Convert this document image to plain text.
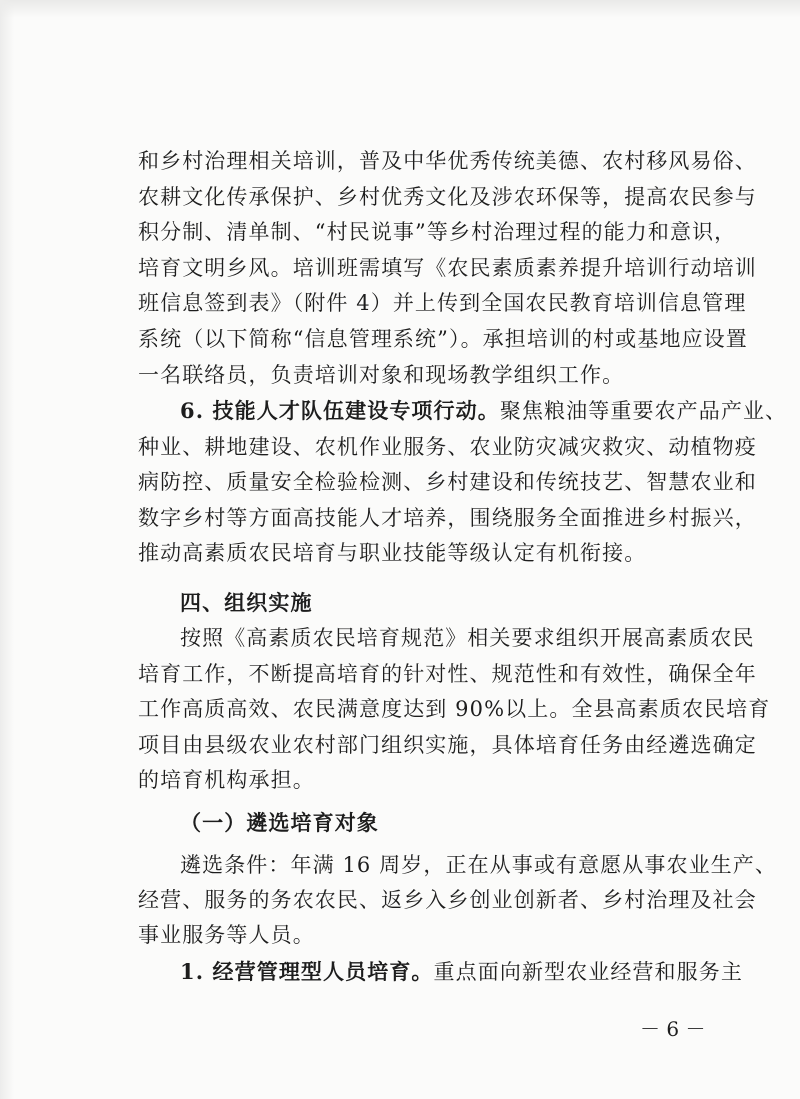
和乡村治理相关培训，普及中华优秀传统美德、农村移风易俗、
农耕文化传承保护、乡村优秀文化及涉农环保等，提高农民参与
积分制、清单制、“村民说事”等乡村治理过程的能力和意识，
培育文明乡风。培训班需填写《农民素质素养提升培训行动培训
班信息签到表》（附件 4）并上传到全国农民教育培训信息管理
系统（以下简称“信息管理系统”）。承担培训的村或基地应设置
一名联络员，负责培训对象和现场教学组织工作。
6. 技能人才队伍建设专项行动。聚焦粮油等重要农产品产业、
种业、耕地建设、农机作业服务、农业防灾减灾救灾、动植物疫
病防控、质量安全检验检测、乡村建设和传统技艺、智慧农业和
数字乡村等方面高技能人才培养，围绕服务全面推进乡村振兴，
推动高素质农民培育与职业技能等级认定有机衔接。
四、组织实施
按照《高素质农民培育规范》相关要求组织开展高素质农民
培育工作，不断提高培育的针对性、规范性和有效性，确保全年
工作高质高效、农民满意度达到 90%以上。全县高素质农民培育
项目由县级农业农村部门组织实施，具体培育任务由经遴选确定
的培育机构承担。
（一）遴选培育对象
遴选条件：年满 16 周岁，正在从事或有意愿从事农业生产、
经营、服务的务农农民、返乡入乡创业创新者、乡村治理及社会
事业服务等人员。
1. 经营管理型人员培育。重点面向新型农业经营和服务主
－ 6 －
